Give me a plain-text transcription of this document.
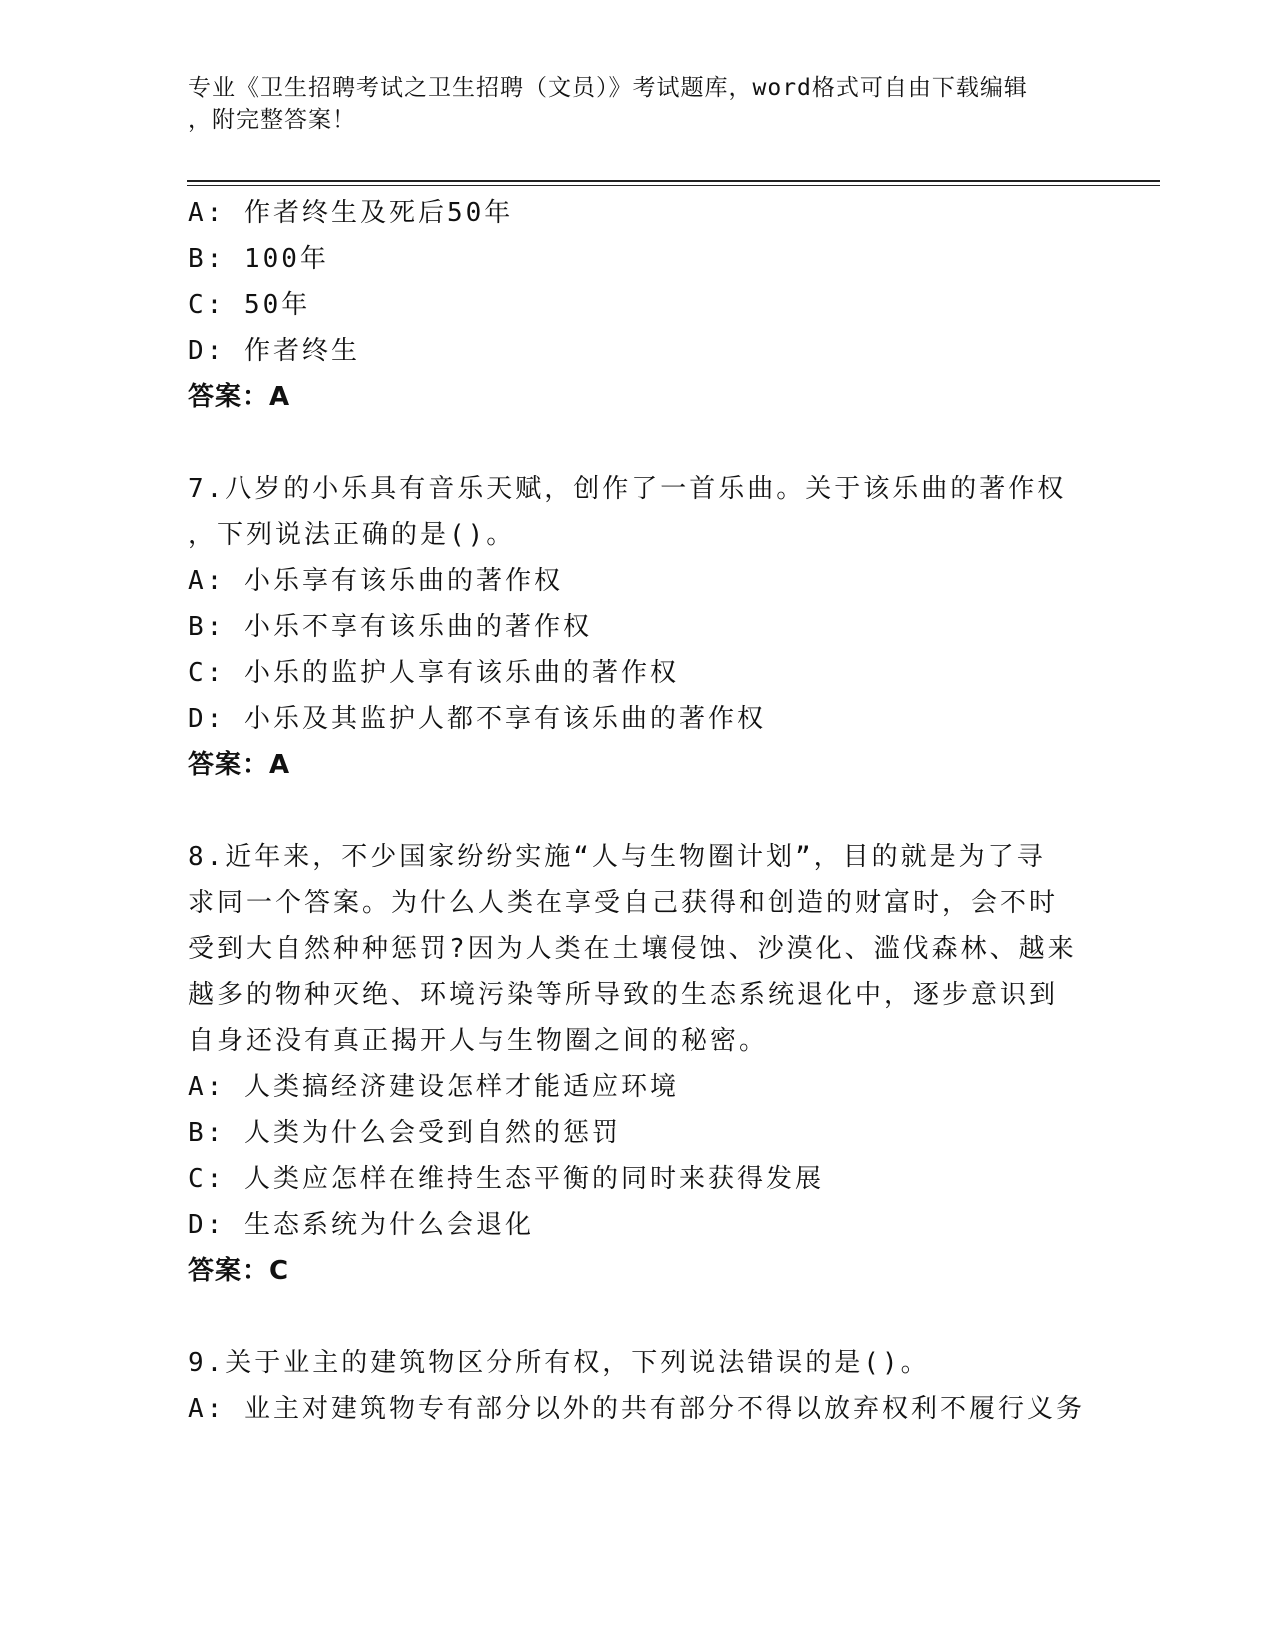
专业《卫生招聘考试之卫生招聘（文员）》考试题库，word格式可自由下载编辑
，附完整答案！
A: 作者终生及死后50年
B: 100年
C: 50年
D: 作者终生
答案：A
7.八岁的小乐具有音乐天赋，创作了一首乐曲。关于该乐曲的著作权
，下列说法正确的是()。
A: 小乐享有该乐曲的著作权
B: 小乐不享有该乐曲的著作权
C: 小乐的监护人享有该乐曲的著作权
D: 小乐及其监护人都不享有该乐曲的著作权
答案：A
8.近年来，不少国家纷纷实施“人与生物圈计划”，目的就是为了寻
求同一个答案。为什么人类在享受自己获得和创造的财富时，会不时
受到大自然种种惩罚?因为人类在土壤侵蚀、沙漠化、滥伐森林、越来
越多的物种灭绝、环境污染等所导致的生态系统退化中，逐步意识到
自身还没有真正揭开人与生物圈之间的秘密。
A: 人类搞经济建设怎样才能适应环境
B: 人类为什么会受到自然的惩罚
C: 人类应怎样在维持生态平衡的同时来获得发展
D: 生态系统为什么会退化
答案：C
9.关于业主的建筑物区分所有权，下列说法错误的是()。
A: 业主对建筑物专有部分以外的共有部分不得以放弃权利不履行义务
